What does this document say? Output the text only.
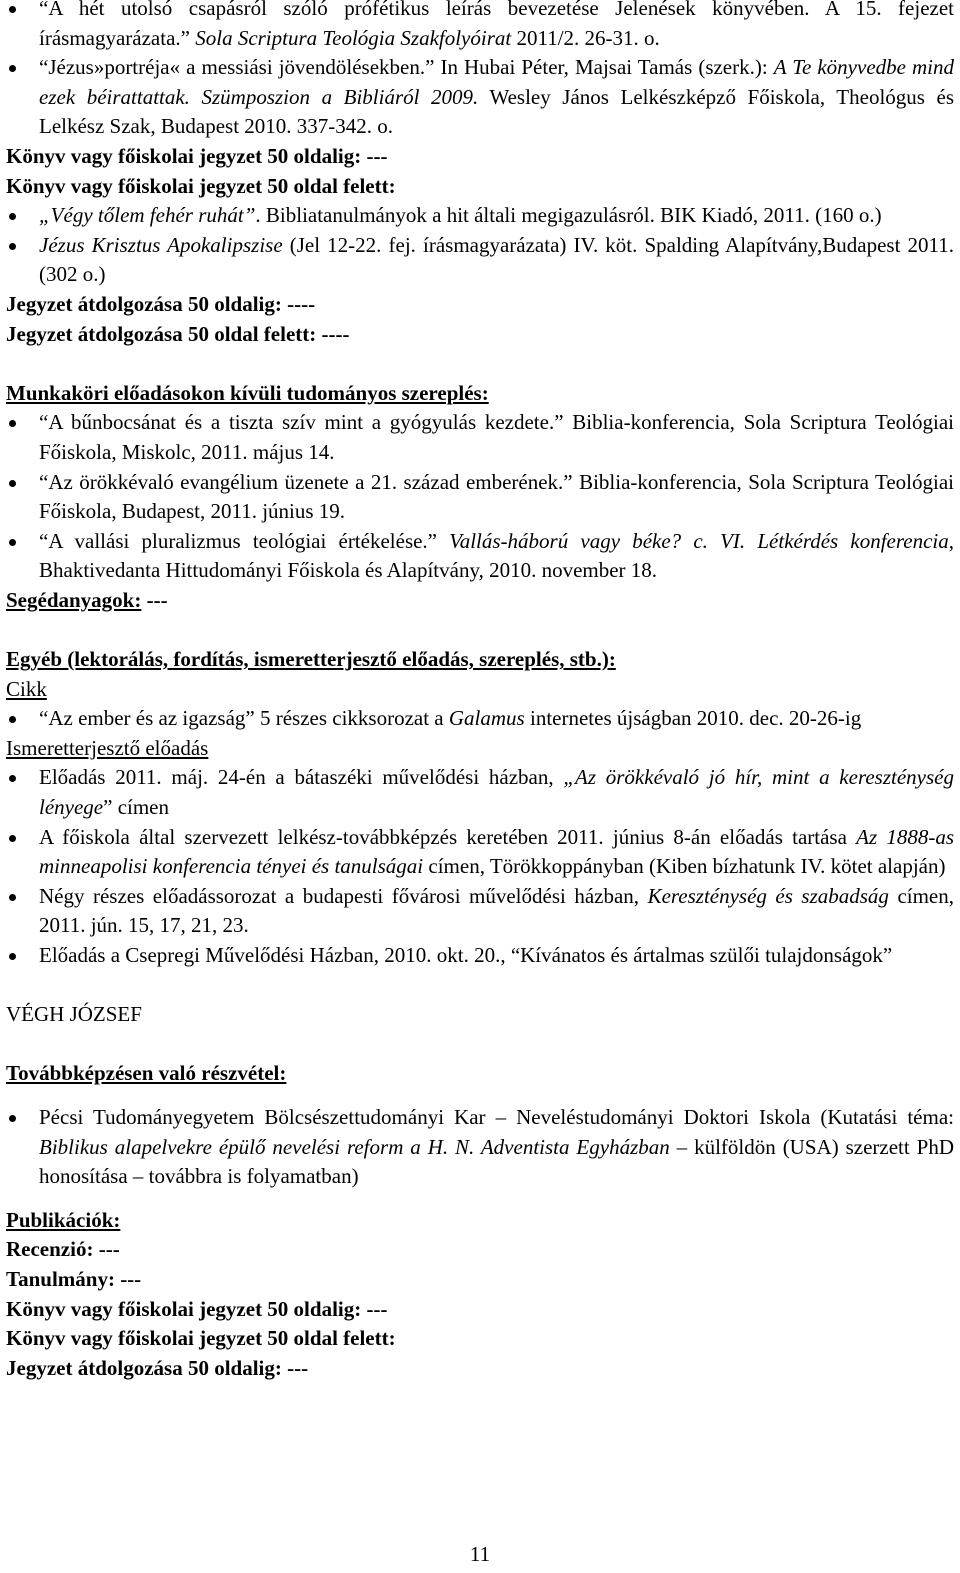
“A hét utolsó csapásról szóló prófétikus leírás bevezetése Jelenések könyvében. A 15. fejezet írásmagyarázata.” Sola Scriptura Teológia Szakfolyóirat 2011/2. 26-31. o.
“Jézus»portréja« a messiási jövendölésekben.” In Hubai Péter, Majsai Tamás (szerk.): A Te könyvedbe mind ezek béirattattak. Szümposzion a Bibliáról 2009. Wesley János Lelkészképző Főiskola, Theológus és Lelkész Szak, Budapest 2010. 337-342. o.

Könyv vagy főiskolai jegyzet 50 oldalig: ---

Könyv vagy főiskolai jegyzet 50 oldal felett:

„Végy tőlem fehér ruhát”. Bibliatanulmányok a hit általi megigazulásról. BIK Kiadó, 2011. (160 o.)
Jézus Krisztus Apokalipszise (Jel 12-22. fej. írásmagyarázata) IV. köt. Spalding Alapítvány,Budapest 2011. (302 o.)

Jegyzet átdolgozása 50 oldalig: ----

Jegyzet átdolgozása 50 oldal felett: ----

Munkaköri előadásokon kívüli tudományos szereplés:

“A bűnbocsánat és a tiszta szív mint a gyógyulás kezdete.” Biblia-konferencia, Sola Scriptura Teológiai Főiskola, Miskolc, 2011. május 14.
“Az örökkévaló evangélium üzenete a 21. század emberének.” Biblia-konferencia, Sola Scriptura Teológiai Főiskola, Budapest, 2011. június 19.
“A vallási pluralizmus teológiai értékelése.” Vallás-háború vagy béke? c. VI. Létkérdés konferencia, Bhaktivedanta Hittudományi Főiskola és Alapítvány, 2010. november 18.

Segédanyagok: ---

Egyéb (lektorálás, fordítás, ismeretterjesztő előadás, szereplés, stb.):

Cikk

“Az ember és az igazság” 5 részes cikksorozat a Galamus internetes újságban 2010. dec. 20-26-ig

Ismeretterjesztő előadás

Előadás 2011. máj. 24-én a bátaszéki művelődési házban, „Az örökkévaló jó hír, mint a kereszténység lényege” címen
A főiskola által szervezett lelkész-továbbképzés keretében 2011. június 8-án előadás tartása Az 1888-as minneapolisi konferencia tényei és tanulságai címen, Törökkoppányban (Kiben bízhatunk IV. kötet alapján)
Négy részes előadássorozat a budapesti fővárosi művelődési házban, Kereszténység és szabadság címen, 2011. jún. 15, 17, 21, 23.
Előadás a Csepregi Művelődési Házban, 2010. okt. 20., “Kívánatos és ártalmas szülői tulajdonságok”

VÉGH JÓZSEF

Továbbképzésen való részvétel:

Pécsi Tudományegyetem Bölcsészettudományi Kar – Neveléstudományi Doktori Iskola (Kutatási téma: Biblikus alapelvekre épülő nevelési reform a H. N. Adventista Egyházban – külföldön (USA) szerzett PhD honosítása – továbbra is folyamatban)

Publikációk:

Recenzió: ---

Tanulmány: ---

Könyv vagy főiskolai jegyzet 50 oldalig: ---

Könyv vagy főiskolai jegyzet 50 oldal felett:

Jegyzet átdolgozása 50 oldalig: ---

11
